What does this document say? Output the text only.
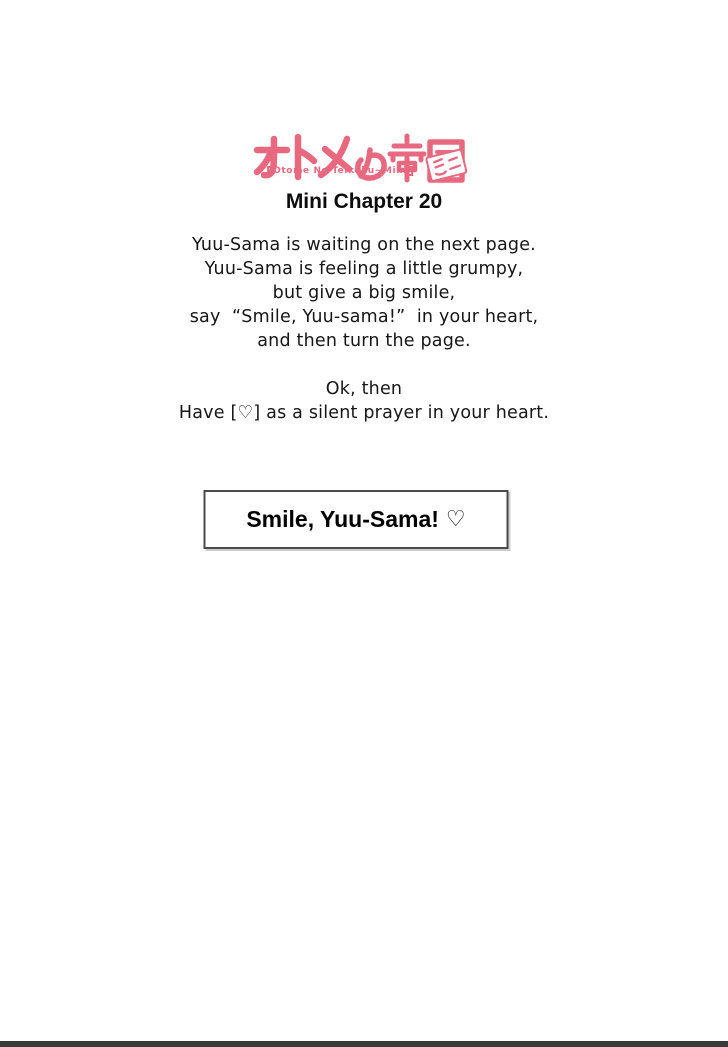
Otome No Teikoku~Mini
Mini Chapter 20
Yuu-Sama is waiting on the next page.
Yuu-Sama is feeling a little grumpy,
but give a big smile,
say  “Smile, Yuu-sama!”  in your heart,
and then turn the page.
Ok, then
Have [♡] as a silent prayer in your heart.
Smile, Yuu-Sama! ♡
